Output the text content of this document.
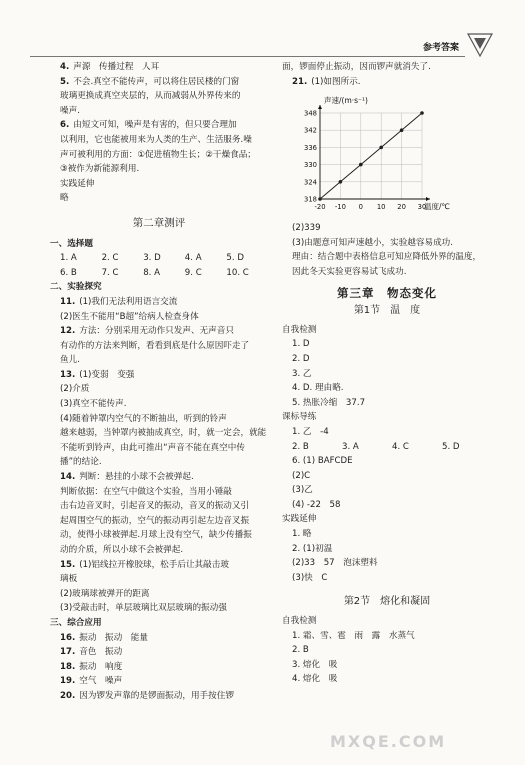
参考答案
4. 声源　传播过程　人耳
5. 不会.真空不能传声，可以将住居民楼的门窗
玻璃更换成真空夹层的，从而减弱从外界传来的
噪声.
6. 由短文可知，噪声是有害的，但只要合理加
以利用，它也能被用来为人类的生产、生活服务.噪
声可被利用的方面：①促进植物生长；②干燥食品；
③被作为新能源利用.
实践延伸
略
第二章测评
一、选择题
1. A	2. C	3. D	4. A	5. D
6. B	7. C	8. A	9. C	10. C
二、实验探究
11. (1)我们无法利用语言交流
(2)医生不能用“B超”给病人检查身体
12. 方法：分别采用无动作只发声、无声音只
有动作的方法来判断，看看到底是什么原因吓走了
鱼儿.
13. (1)变弱　变强
(2)介质
(3)真空不能传声.
(4)随着钟罩内空气的不断抽出，听到的铃声
越来越弱，当钟罩内被抽成真空，时，就一定会，就能
不能听到铃声，由此可推出“声音不能在真空中传
播”的结论.
14. 判断：悬挂的小球不会被弹起.
判断依据：在空气中做这个实验，当用小锤敲
击右边音叉时，引起音叉的振动，音叉的振动又引
起周围空气的振动，空气的振动再引起左边音叉振
动，使得小球被弹起.月球上没有空气，缺少传播振
动的介质，所以小球不会被弹起.
15. (1)铝线拉开橡胶球，松手后让其敲击玻
璃板
(2)玻璃球被弹开的距离
(3)受敲击时，单层玻璃比双层玻璃的振动强
三、综合应用
16. 振动　振动　能量
17. 音色　振动
18. 振动　响度
19. 空气　噪声
20. 因为锣发声靠的是锣面振动，用手按住锣
面，锣面停止振动，因而锣声就消失了.
21. (1)如图所示.
-20 -10 0 10 20 30
318
324
330
336
342
348
声速/(m·s⁻¹)
温度/℃
(2)339
(3)由题意可知声速越小，实验越容易成功.
理由：结合题中表格信息可知应降低外界的温度，
因此冬天实验更容易试飞成功.
第三章　物态变化
第1节　温　度
自我检测
1. D
2. D
3. 乙
4. D. 理由略.
5. 热胀冷缩　37.7
课标导练
1. 乙　-4
2. B	3. A	4. C	5. D
6. (1) BAFCDE
(2)C
(3)乙
(4) -22　58
实践延伸
1. 略
2. (1)初温
(2)33　57　泡沫塑料
(3)快　C
第2节　熔化和凝固
自我检测
1. 霜、雪、雹　雨　露　水蒸气
2. B
3. 熔化　吸
4. 熔化　吸
MXQE.COM
